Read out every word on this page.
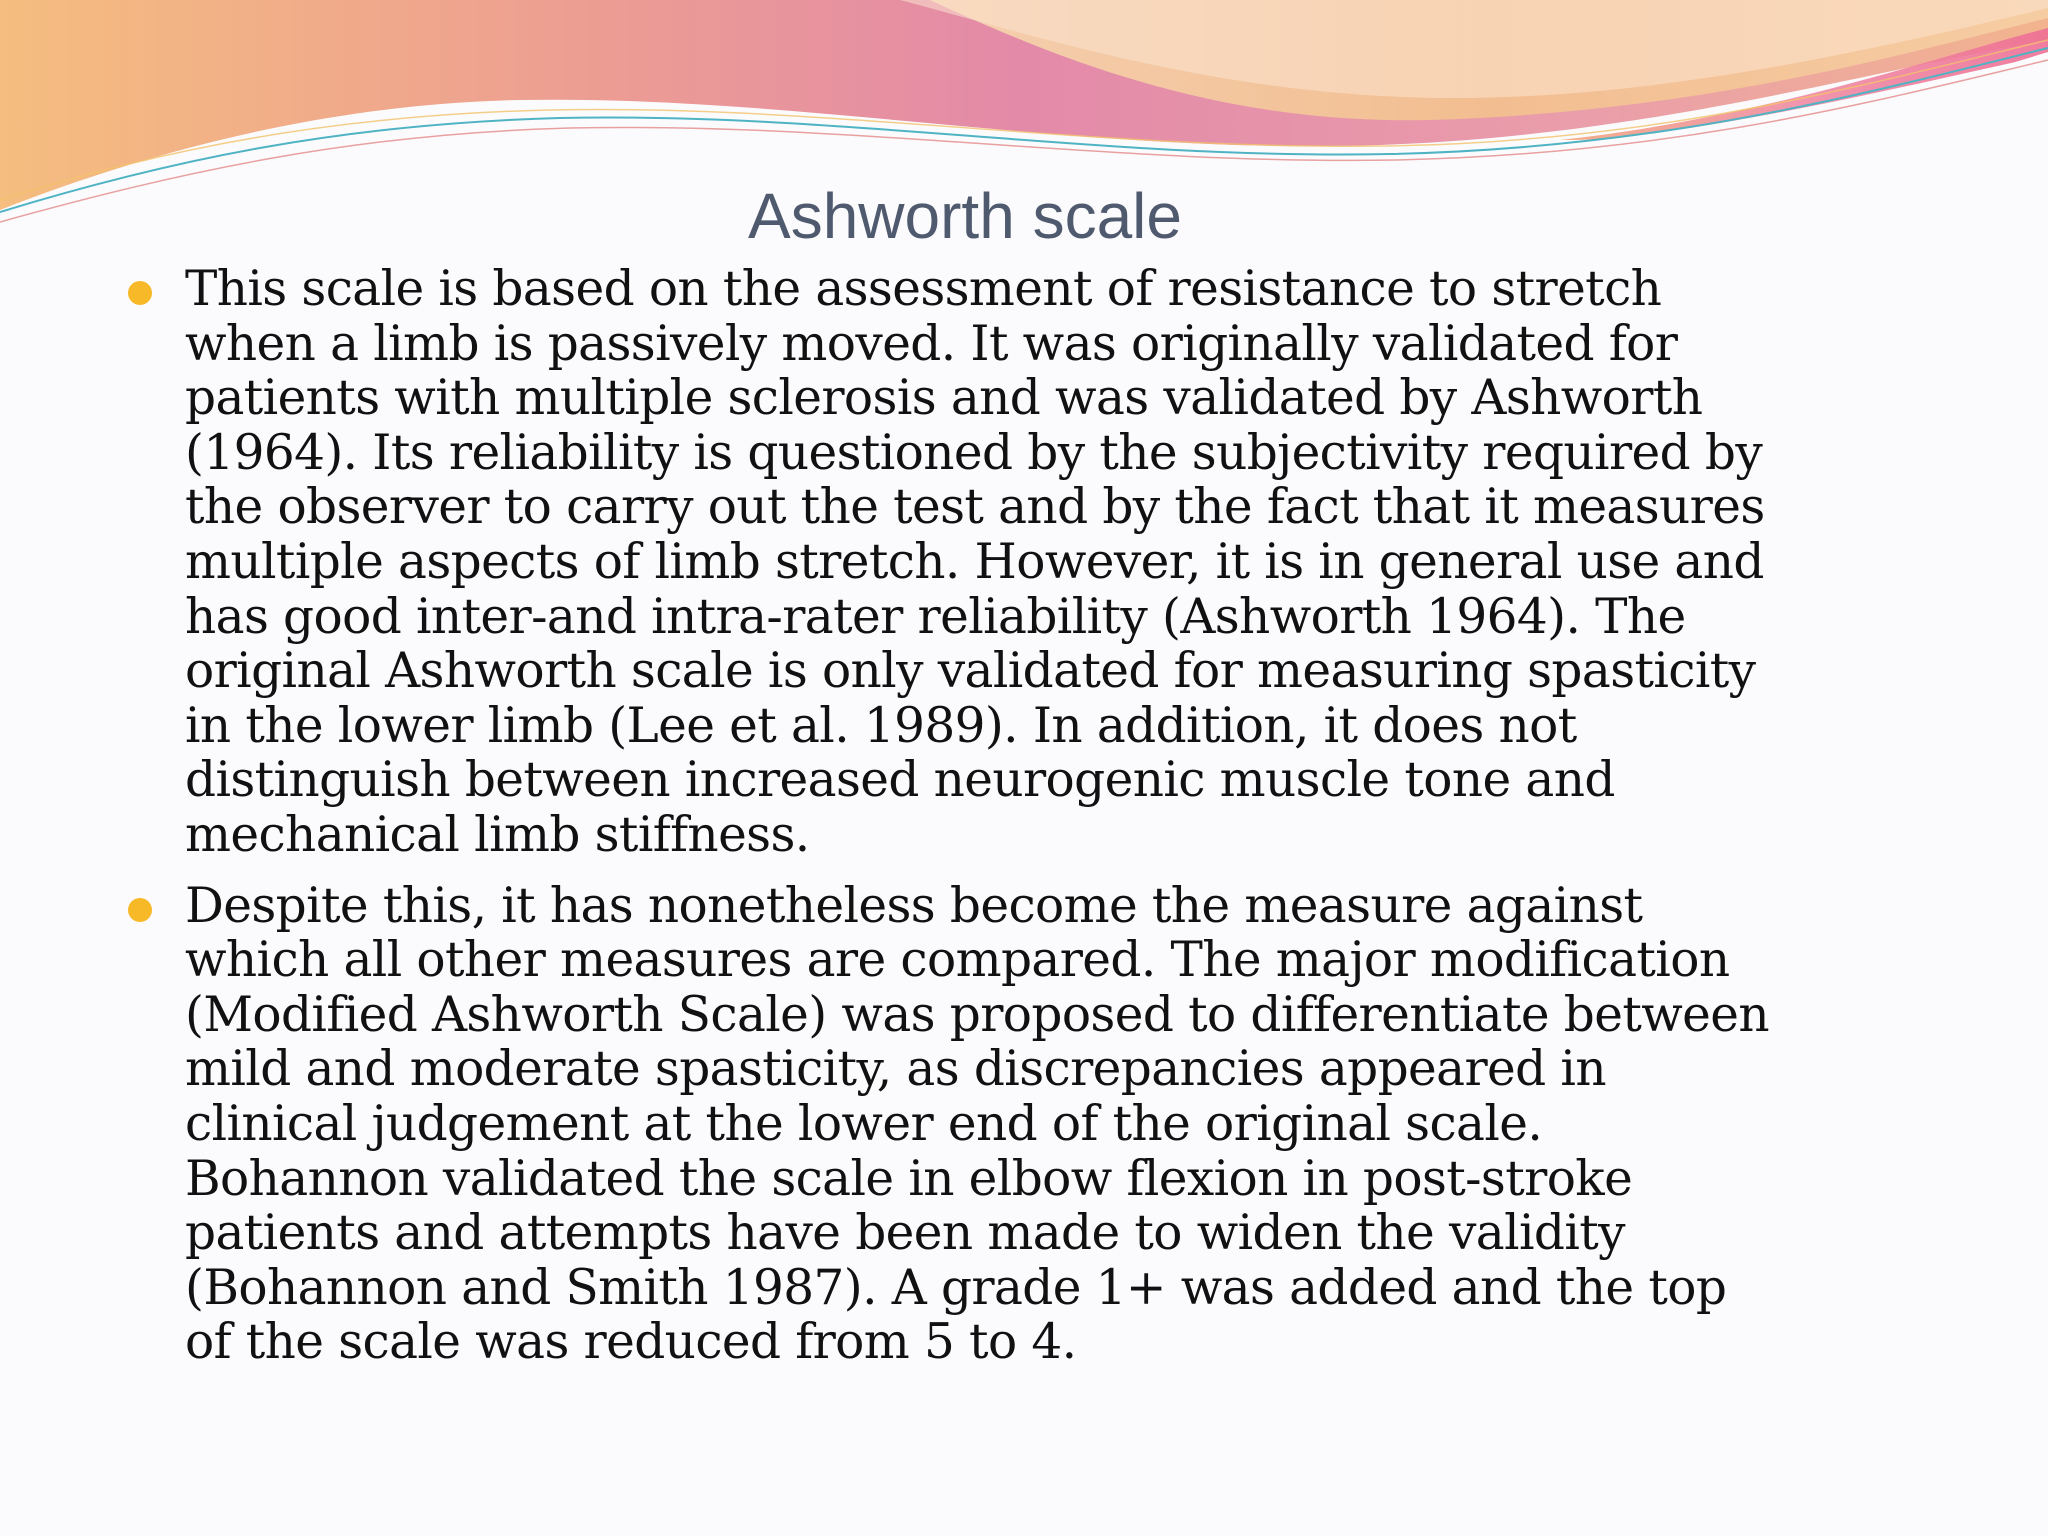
Ashworth scale
This scale is based on the assessment of resistance to stretch when a limb is passively moved. It was originally validated for patients with multiple sclerosis and was validated by Ashworth (1964). Its reliability is questioned by the subjectivity required by the observer to carry out the test and by the fact that it measures multiple aspects of limb stretch. However, it is in general use and has good inter-and intra-rater reliability (Ashworth 1964). The original Ashworth scale is only validated for measuring spasticity in the lower limb (Lee et al. 1989). In addition, it does not distinguish between increased neurogenic muscle tone and mechanical limb stiffness.
Despite this, it has nonetheless become the measure against which all other measures are compared. The major modification (Modified Ashworth Scale) was proposed to differentiate between mild and moderate spasticity, as discrepancies appeared in clinical judgement at the lower end of the original scale. Bohannon validated the scale in elbow flexion in post-stroke patients and attempts have been made to widen the validity (Bohannon and Smith 1987). A grade 1+ was added and the top of the scale was reduced from 5 to 4.
